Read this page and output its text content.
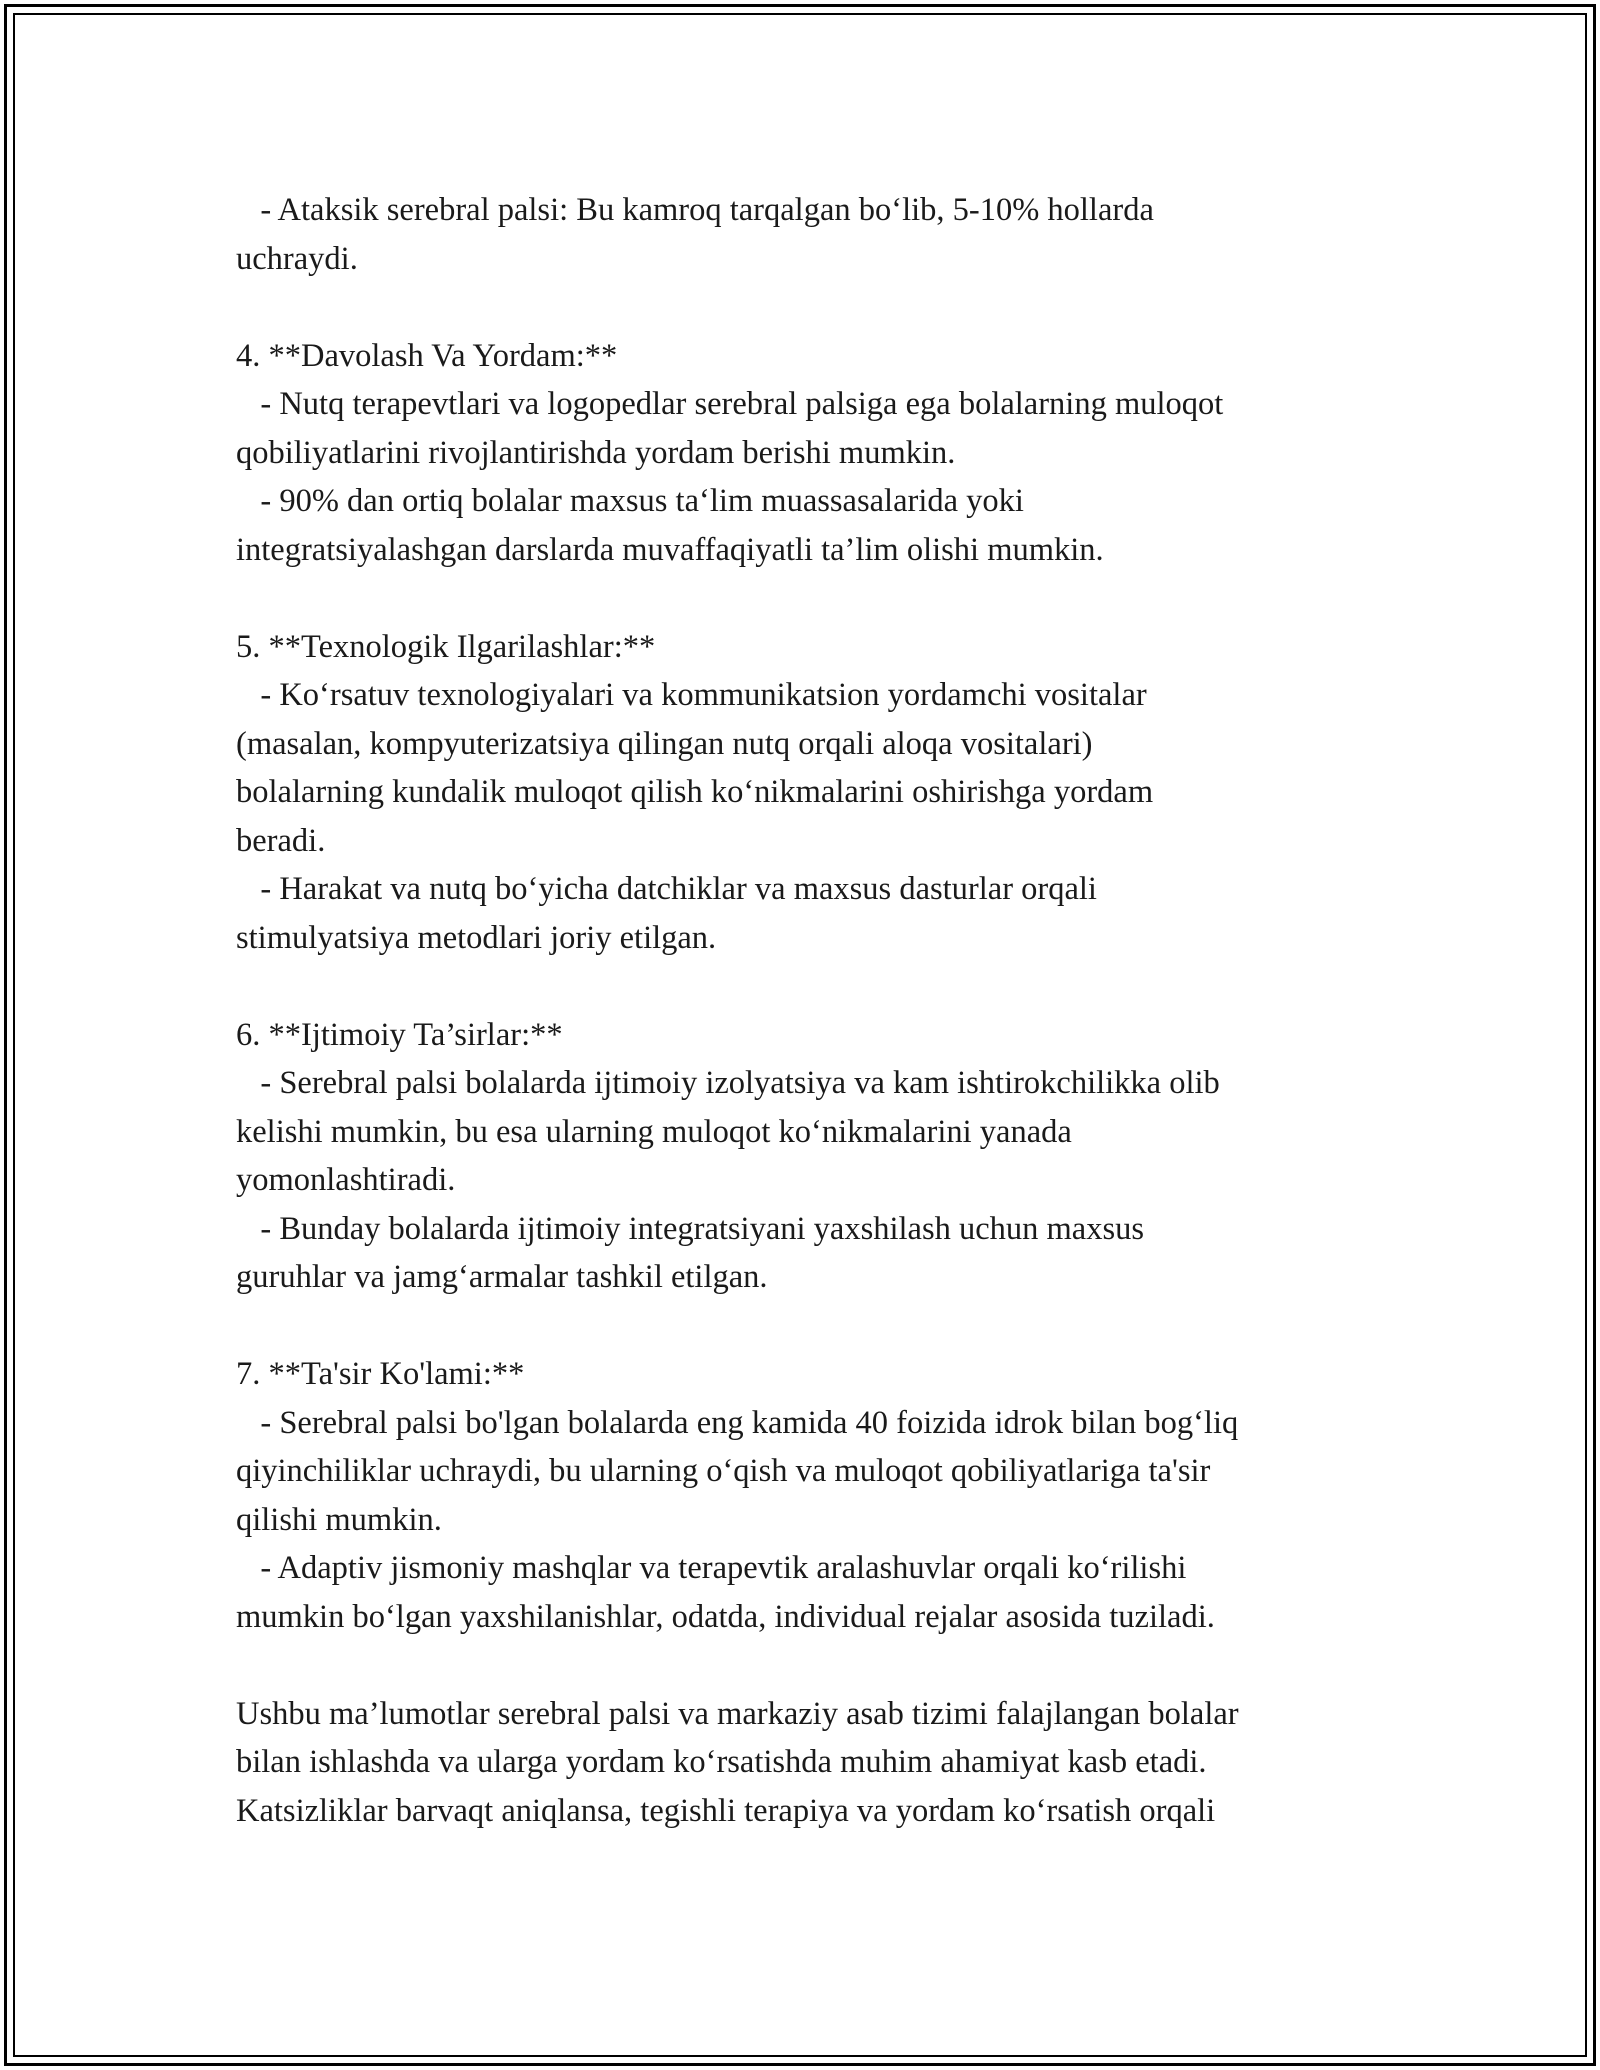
- Ataksik serebral palsi: Bu kamroq tarqalgan bo‘lib, 5-10% hollarda
uchraydi.
4. **Davolash Va Yordam:**
- Nutq terapevtlari va logopedlar serebral palsiga ega bolalarning muloqot
qobiliyatlarini rivojlantirishda yordam berishi mumkin.
- 90% dan ortiq bolalar maxsus ta‘lim muassasalarida yoki
integratsiyalashgan darslarda muvaffaqiyatli ta’lim olishi mumkin.
5. **Texnologik Ilgarilashlar:**
- Ko‘rsatuv texnologiyalari va kommunikatsion yordamchi vositalar
(masalan, kompyuterizatsiya qilingan nutq orqali aloqa vositalari)
bolalarning kundalik muloqot qilish ko‘nikmalarini oshirishga yordam
beradi.
- Harakat va nutq bo‘yicha datchiklar va maxsus dasturlar orqali
stimulyatsiya metodlari joriy etilgan.
6. **Ijtimoiy Ta’sirlar:**
- Serebral palsi bolalarda ijtimoiy izolyatsiya va kam ishtirokchilikka olib
kelishi mumkin, bu esa ularning muloqot ko‘nikmalarini yanada
yomonlashtiradi.
- Bunday bolalarda ijtimoiy integratsiyani yaxshilash uchun maxsus
guruhlar va jamg‘armalar tashkil etilgan.
7. **Ta'sir Ko'lami:**
- Serebral palsi bo'lgan bolalarda eng kamida 40 foizida idrok bilan bog‘liq
qiyinchiliklar uchraydi, bu ularning o‘qish va muloqot qobiliyatlariga ta'sir
qilishi mumkin.
- Adaptiv jismoniy mashqlar va terapevtik aralashuvlar orqali ko‘rilishi
mumkin bo‘lgan yaxshilanishlar, odatda, individual rejalar asosida tuziladi.
Ushbu ma’lumotlar serebral palsi va markaziy asab tizimi falajlangan bolalar
bilan ishlashda va ularga yordam ko‘rsatishda muhim ahamiyat kasb etadi.
Katsizliklar barvaqt aniqlansa, tegishli terapiya va yordam ko‘rsatish orqali
